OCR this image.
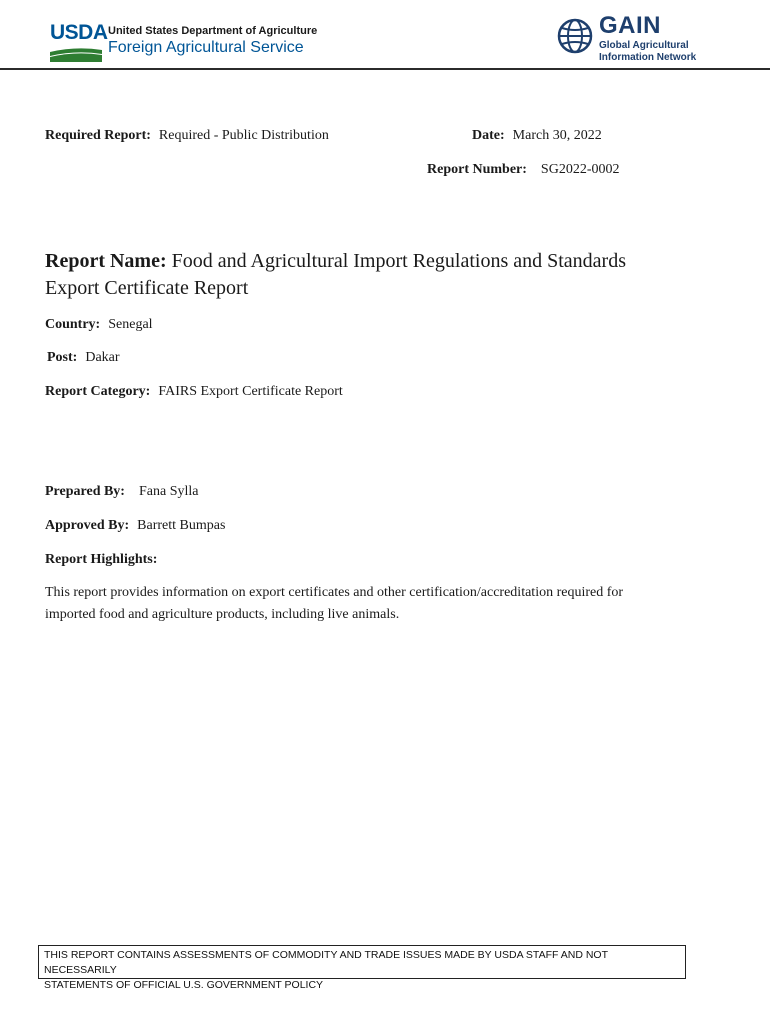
USDA United States Department of Agriculture
Foreign Agricultural Service
GAIN
Global Agricultural
Information Network
Required Report: Required - Public Distribution	Date: March 30, 2022
Report Number: SG2022-0002
Report Name: Food and Agricultural Import Regulations and Standards
Export Certificate Report
Country: Senegal
Post: Dakar
Report Category: FAIRS Export Certificate Report
Prepared By: Fana Sylla
Approved By: Barrett Bumpas
Report Highlights:
This report provides information on export certificates and other certification/accreditation required for
imported food and agriculture products, including live animals.
THIS REPORT CONTAINS ASSESSMENTS OF COMMODITY AND TRADE ISSUES MADE BY USDA STAFF AND NOT NECESSARILY
STATEMENTS OF OFFICIAL U.S. GOVERNMENT POLICY
